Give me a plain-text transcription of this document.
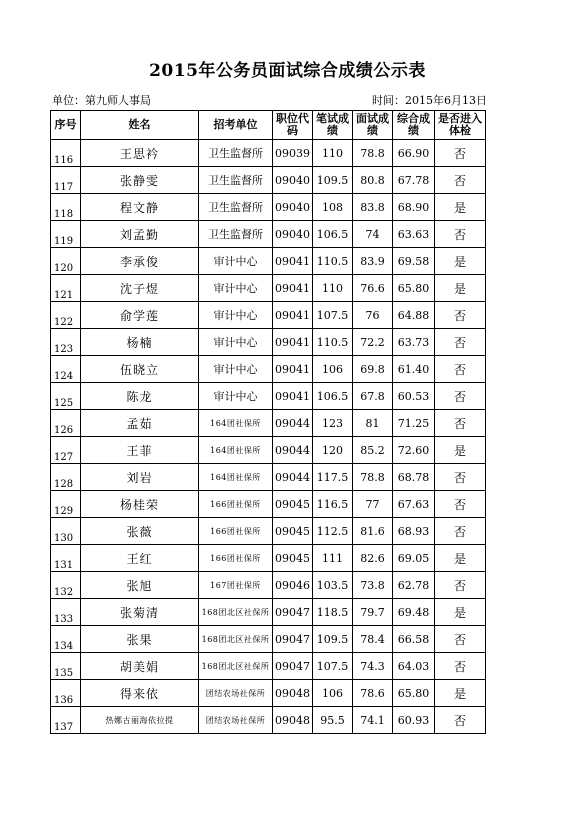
2015年公务员面试综合成绩公示表
单位：第九师人事局	时间：2015年6月13日
序号	姓名	招考单位	职位代码	笔试成绩	面试成绩	综合成绩	是否进入体检
116	王思衿	卫生监督所	09039	110	78.8	66.90	否
117	张静雯	卫生监督所	09040	109.5	80.8	67.78	否
118	程文静	卫生监督所	09040	108	83.8	68.90	是
119	刘孟勤	卫生监督所	09040	106.5	74	63.63	否
120	李承俊	审计中心	09041	110.5	83.9	69.58	是
121	沈子煜	审计中心	09041	110	76.6	65.80	是
122	俞学莲	审计中心	09041	107.5	76	64.88	否
123	杨楠	审计中心	09041	110.5	72.2	63.73	否
124	伍晓立	审计中心	09041	106	69.8	61.40	否
125	陈龙	审计中心	09041	106.5	67.8	60.53	否
126	孟茹	164团社保所	09044	123	81	71.25	否
127	王菲	164团社保所	09044	120	85.2	72.60	是
128	刘岩	164团社保所	09044	117.5	78.8	68.78	否
129	杨桂荣	166团社保所	09045	116.5	77	67.63	否
130	张薇	166团社保所	09045	112.5	81.6	68.93	否
131	王红	166团社保所	09045	111	82.6	69.05	是
132	张旭	167团社保所	09046	103.5	73.8	62.78	否
133	张菊清	168团北区社保所	09047	118.5	79.7	69.48	是
134	张果	168团北区社保所	09047	109.5	78.4	66.58	否
135	胡美娟	168团北区社保所	09047	107.5	74.3	64.03	否
136	得来依	团结农场社保所	09048	106	78.6	65.80	是
137	热娜古丽海依拉提	团结农场社保所	09048	95.5	74.1	60.93	否
